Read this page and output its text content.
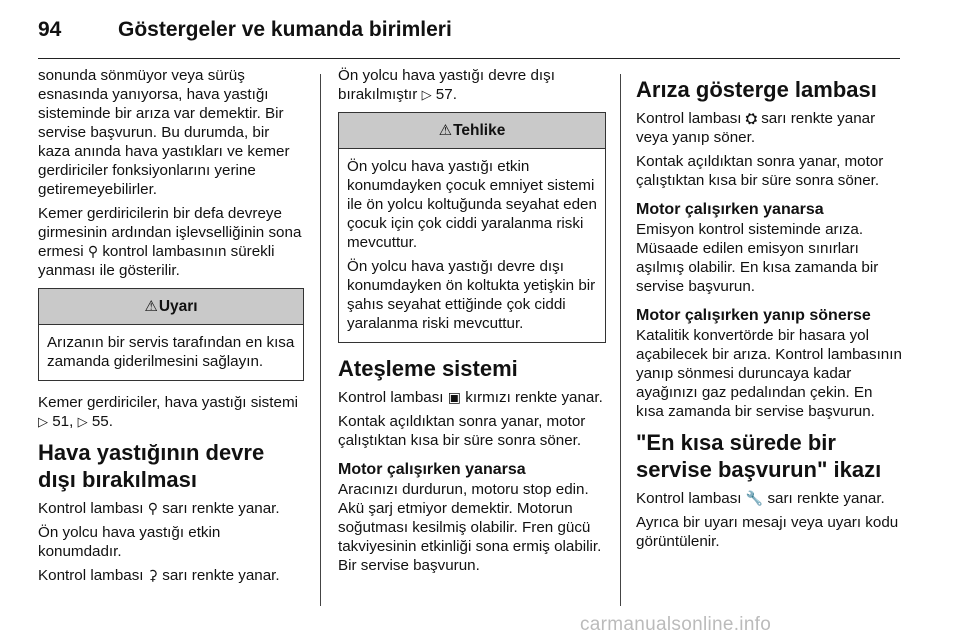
94	Göstergeler ve kumanda birimleri

sonunda sönmüyor veya sürüş esnasında yanıyorsa, hava yastığı sisteminde bir arıza var demektir. Bir servise başvurun. Bu durumda, bir kaza anında hava yastıkları ve kemer gerdiriciler fonksiyonlarını yerine getiremeyebilirler.

Kemer gerdiricilerin bir defa devreye girmesinin ardından işlevselliğinin sona ermesi ⚲ kontrol lambasının sürekli yanması ile gösterilir.

⚠Uyarı

Arızanın bir servis tarafından en kısa zamanda giderilmesini sağlayın.

Kemer gerdiriciler, hava yastığı sistemi ▷ 51, ▷ 55.

Hava yastığının devre dışı bırakılması

Kontrol lambası ⚲ sarı renkte yanar.

Ön yolcu hava yastığı etkin konumdadır.

Kontrol lambası ⚳ sarı renkte yanar.

Ön yolcu hava yastığı devre dışı bırakılmıştır ▷ 57.

⚠Tehlike

Ön yolcu hava yastığı etkin konumdayken çocuk emniyet sistemi ile ön yolcu koltuğunda seyahat eden çocuk için çok ciddi yaralanma riski mevcuttur.

Ön yolcu hava yastığı devre dışı konumdayken ön koltukta yetişkin bir şahıs seyahat ettiğinde çok ciddi yaralanma riski mevcuttur.

Ateşleme sistemi

Kontrol lambası ▣ kırmızı renkte yanar.

Kontak açıldıktan sonra yanar, motor çalıştıktan kısa bir süre sonra söner.

Motor çalışırken yanarsa

Aracınızı durdurun, motoru stop edin. Akü şarj etmiyor demektir. Motorun soğutması kesilmiş olabilir. Fren gücü takviyesinin etkinliği sona ermiş olabilir. Bir servise başvurun.

Arıza gösterge lambası

Kontrol lambası ⛭ sarı renkte yanar veya yanıp söner.

Kontak açıldıktan sonra yanar, motor çalıştıktan kısa bir süre sonra söner.

Motor çalışırken yanarsa

Emisyon kontrol sisteminde arıza. Müsaade edilen emisyon sınırları aşılmış olabilir. En kısa zamanda bir servise başvurun.

Motor çalışırken yanıp sönerse

Katalitik konvertörde bir hasara yol açabilecek bir arıza. Kontrol lambasının yanıp sönmesi duruncaya kadar ayağınızı gaz pedalından çekin. En kısa zamanda bir servise başvurun.

"En kısa sürede bir servise başvurun" ikazı

Kontrol lambası 🔧 sarı renkte yanar.

Ayrıca bir uyarı mesajı veya uyarı kodu görüntülenir.

carmanualsonline.info
